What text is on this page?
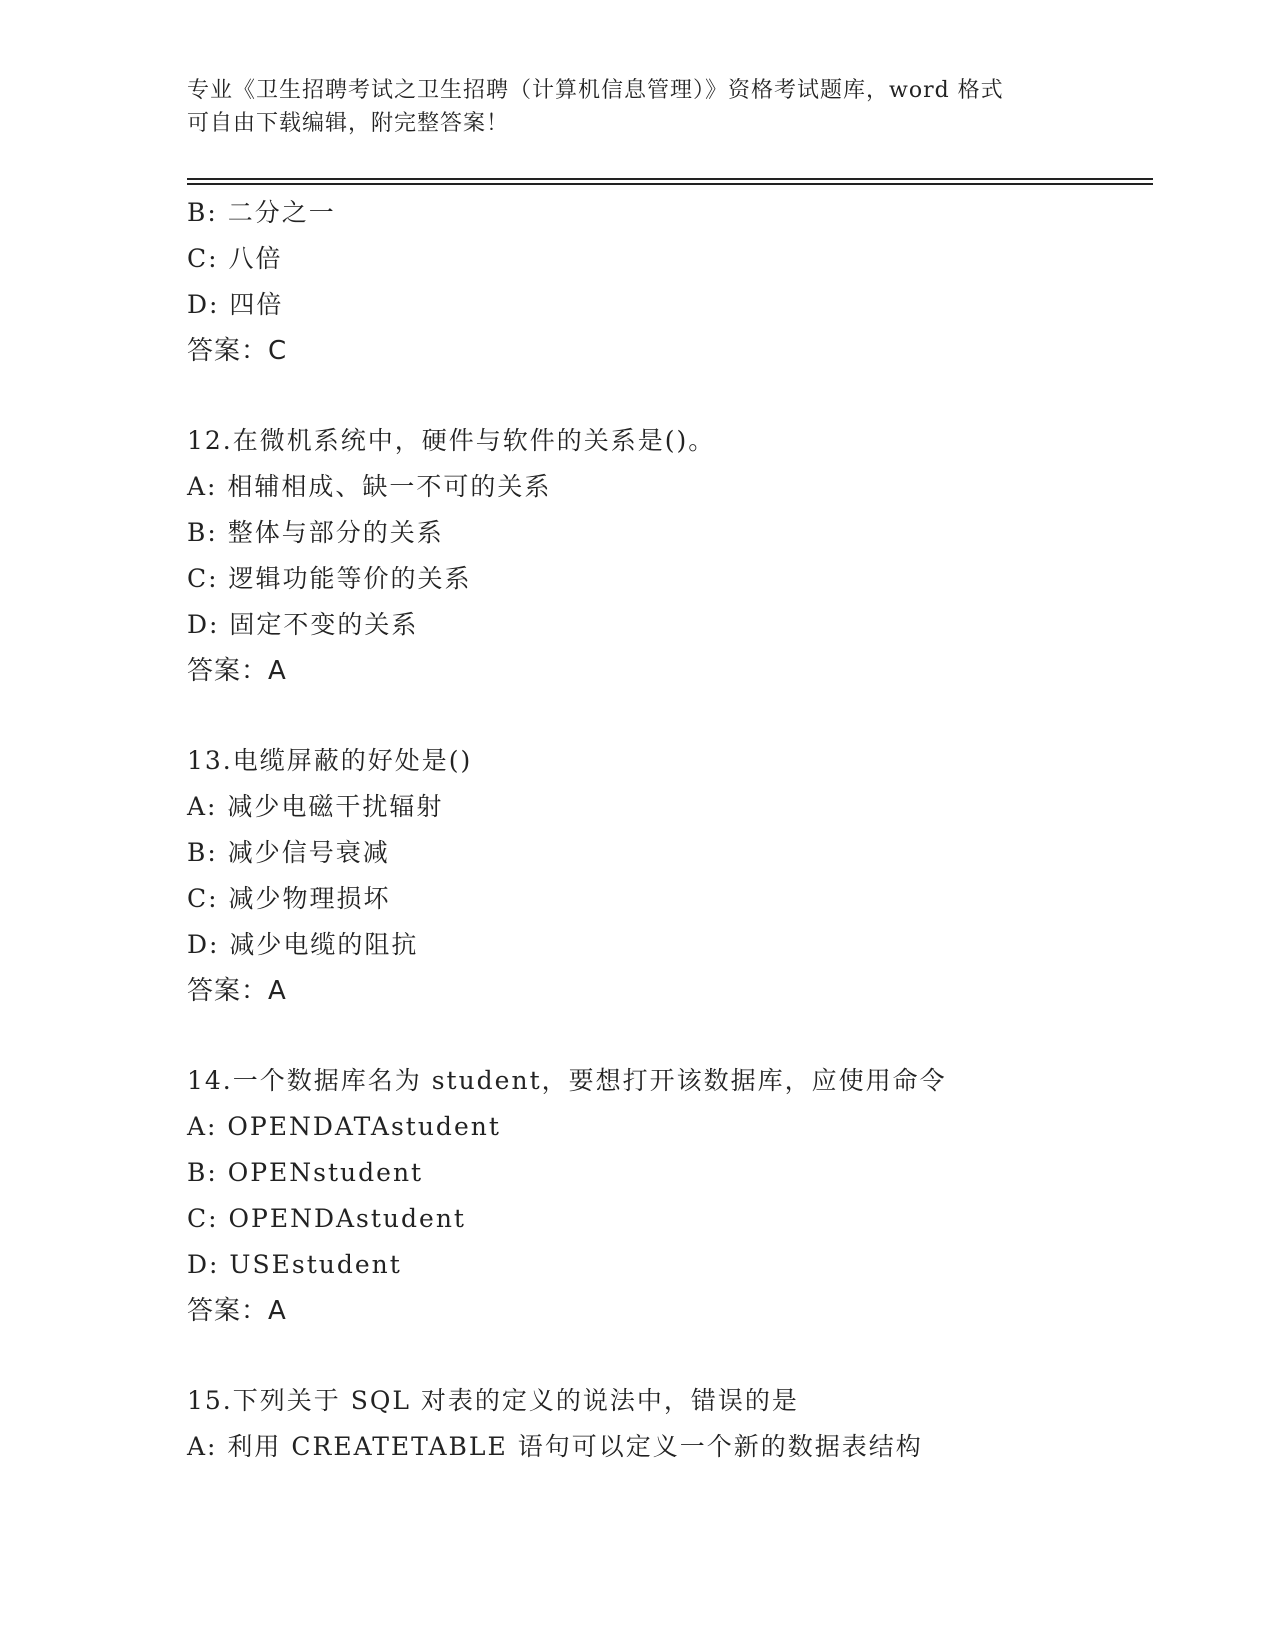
专业《卫生招聘考试之卫生招聘（计算机信息管理）》资格考试题库，word 格式
可自由下载编辑，附完整答案！
B: 二分之一
C: 八倍
D: 四倍
答案：C
12.在微机系统中，硬件与软件的关系是()。
A: 相辅相成、缺一不可的关系
B: 整体与部分的关系
C: 逻辑功能等价的关系
D: 固定不变的关系
答案：A
13.电缆屏蔽的好处是()
A: 减少电磁干扰辐射
B: 减少信号衰减
C: 减少物理损坏
D: 减少电缆的阻抗
答案：A
14.一个数据库名为 student，要想打开该数据库，应使用命令
A: OPENDATAstudent
B: OPENstudent
C: OPENDAstudent
D: USEstudent
答案：A
15.下列关于 SQL 对表的定义的说法中，错误的是
A: 利用 CREATETABLE 语句可以定义一个新的数据表结构
